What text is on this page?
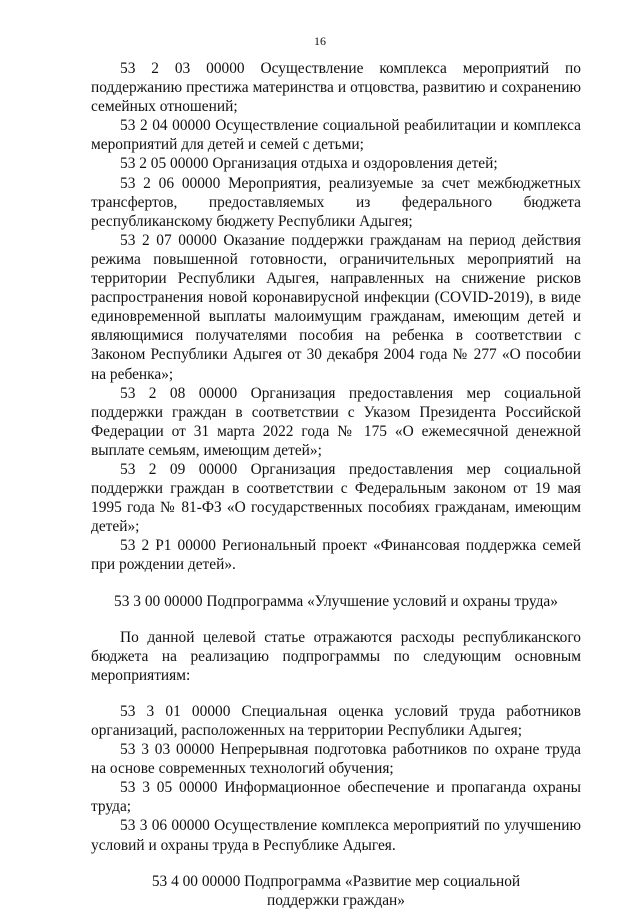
16

53 2 03 00000 Осуществление комплекса мероприятий по поддержанию престижа материнства и отцовства, развитию и сохранению семейных отношений;

53 2 04 00000 Осуществление социальной реабилитации и комплекса мероприятий для детей и семей с детьми;

53 2 05 00000 Организация отдыха и оздоровления детей;

53 2 06 00000 Мероприятия, реализуемые за счет межбюджетных трансфертов, предоставляемых из федерального бюджета республиканскому бюджету Республики Адыгея;

53 2 07 00000 Оказание поддержки гражданам на период действия режима повышенной готовности, ограничительных мероприятий на территории Республики Адыгея, направленных на снижение рисков распространения новой коронавирусной инфекции (COVID-2019), в виде единовременной выплаты малоимущим гражданам, имеющим детей и являющимися получателями пособия на ребенка в соответствии с Законом Республики Адыгея от 30 декабря 2004 года № 277 «О пособии на ребенка»;

53 2 08 00000 Организация предоставления мер социальной поддержки граждан в соответствии с Указом Президента Российской Федерации от 31 марта 2022 года № 175 «О ежемесячной денежной выплате семьям, имеющим детей»;

53 2 09 00000 Организация предоставления мер социальной поддержки граждан в соответствии с Федеральным законом от 19 мая 1995 года № 81-ФЗ «О государственных пособиях гражданам, имеющим детей»;

53 2 Р1 00000 Региональный проект «Финансовая поддержка семей при рождении детей».

53 3 00 00000 Подпрограмма «Улучшение условий и охраны труда»

По данной целевой статье отражаются расходы республиканского бюджета на реализацию подпрограммы по следующим основным мероприятиям:

53 3 01 00000 Специальная оценка условий труда работников организаций, расположенных на территории Республики Адыгея;

53 3 03 00000 Непрерывная подготовка работников по охране труда на основе современных технологий обучения;

53 3 05 00000 Информационное обеспечение и пропаганда охраны труда;

53 3 06 00000 Осуществление комплекса мероприятий по улучшению условий и охраны труда в Республике Адыгея.

53 4 00 00000 Подпрограмма «Развитие мер социальной

поддержки граждан»
